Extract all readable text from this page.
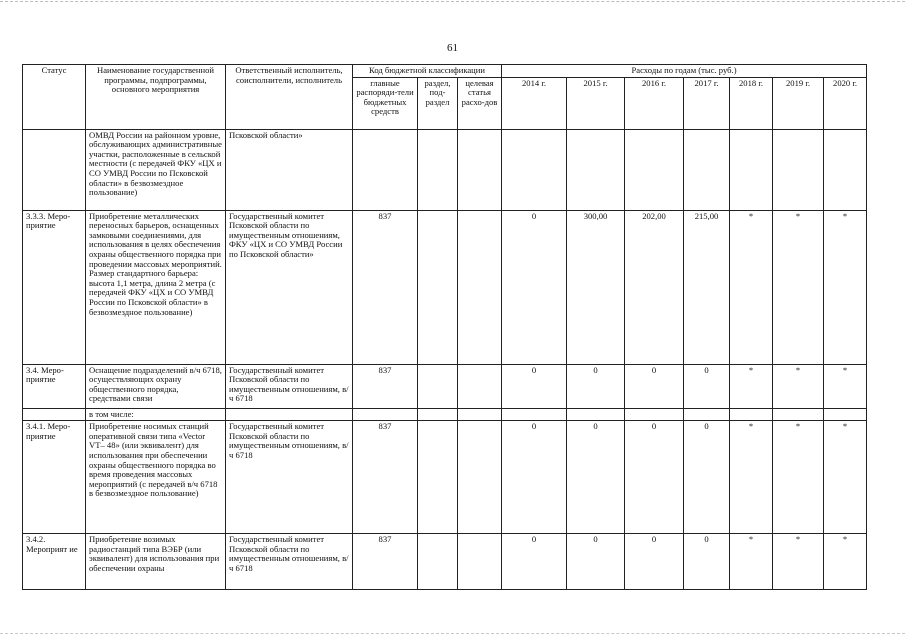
61
Статус	Наименование государственной программы, подпрограммы, основного мероприятия	Ответственный исполнитель, соисполнители, исполнитель	Код бюджетной классификации			Расходы по годам (тыс. руб.)						
			главные распоряди-тели бюджетных средств	раздел, под-раздел	целевая статья расхо-дов	2014 г.	2015 г.	2016 г.	2017 г.	2018 г.	2019 г.	2020 г.
	ОМВД России на районном уровне, обслуживающих административные участки, расположенные в сельской местности (с передачей ФКУ «ЦХ и СО УМВД России по Псковской области» в безвозмездное пользование)	Псковской области»										
3.3.3. Меро-приятие	Приобретение металлических переносных барьеров, оснащенных замковыми соединениями, для использования в целях обеспечения охраны общественного порядка при проведении массовых мероприятий. Размер стандартного барьера: высота 1,1 метра, длина 2 метра (с передачей ФКУ «ЦХ и СО УМВД России по Псковской области» в безвозмездное пользование)	Государственный комитет Псковской области по имущественным отношениям, ФКУ «ЦХ и СО УМВД России по Псковской области»	837			0	300,00	202,00	215,00	*	*	*
3.4. Меро-приятие	Оснащение подразделений в/ч 6718, осуществляющих охрану общественного порядка, средствами связи	Государственный комитет Псковской области по имущественным отношениям, в/ч 6718	837			0	0	0	0	*	*	*
	в том числе:											
3.4.1. Меро-приятие	Приобретение носимых станций оперативной связи типа «Vector VT– 48» (или эквивалент) для использования при обеспечении охраны общественного порядка во время проведения массовых мероприятий (с передачей в/ч 6718 в безвозмездное пользование)	Государственный комитет Псковской области по имущественным отношениям, в/ч 6718	837			0	0	0	0	*	*	*
3.4.2. Мероприят ие	Приобретение возимых радиостанций типа ВЭБР (или эквивалент) для использования при обеспечении охраны	Государственный комитет Псковской области по имущественным отношениям, в/ч 6718	837			0	0	0	0	*	*	*
